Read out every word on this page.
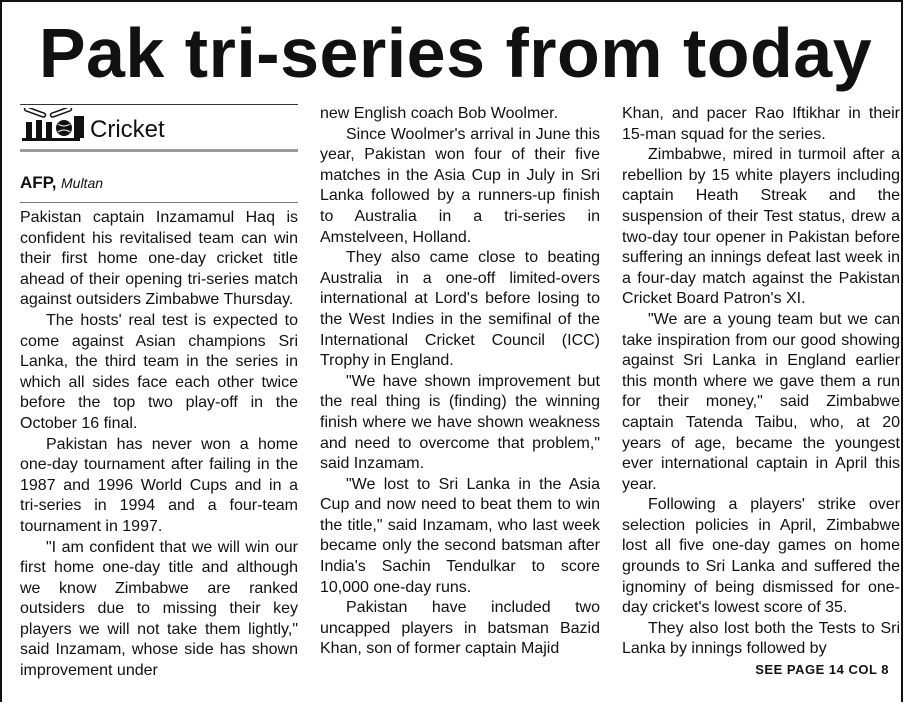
Pak tri-series from today
Cricket
AFP, Multan

Pakistan captain Inzamamul Haq is confident his revitalised team can win their first home one-day cricket title ahead of their opening tri-series match against outsiders Zimbabwe Thursday.

The hosts' real test is expected to come against Asian champions Sri Lanka, the third team in the series in which all sides face each other twice before the top two play-off in the October 16 final.

Pakistan has never won a home one-day tournament after failing in the 1987 and 1996 World Cups and in a tri-series in 1994 and a four-team tournament in 1997.

"I am confident that we will win our first home one-day title and although we know Zimbabwe are ranked outsiders due to missing their key players we will not take them lightly," said Inzamam, whose side has shown improvement under

new English coach Bob Woolmer.

Since Woolmer's arrival in June this year, Pakistan won four of their five matches in the Asia Cup in July in Sri Lanka followed by a runners-up finish to Australia in a tri-series in Amstelveen, Holland.

They also came close to beating Australia in a one-off limited-overs international at Lord's before losing to the West Indies in the semifinal of the International Cricket Council (ICC) Trophy in England.

"We have shown improvement but the real thing is (finding) the winning finish where we have shown weakness and need to overcome that problem," said Inzamam.

"We lost to Sri Lanka in the Asia Cup and now need to beat them to win the title," said Inzamam, who last week became only the second batsman after India's Sachin Tendulkar to score 10,000 one-day runs.

Pakistan have included two uncapped players in batsman Bazid Khan, son of former captain Majid

Khan, and pacer Rao Iftikhar in their 15-man squad for the series.

Zimbabwe, mired in turmoil after a rebellion by 15 white players including captain Heath Streak and the suspension of their Test status, drew a two-day tour opener in Pakistan before suffering an innings defeat last week in a four-day match against the Pakistan Cricket Board Patron's XI.

"We are a young team but we can take inspiration from our good showing against Sri Lanka in England earlier this month where we gave them a run for their money," said Zimbabwe captain Tatenda Taibu, who, at 20 years of age, became the youngest ever international captain in April this year.

Following a players' strike over selection policies in April, Zimbabwe lost all five one-day games on home grounds to Sri Lanka and suffered the ignominy of being dismissed for one-day cricket's lowest score of 35.

They also lost both the Tests to Sri Lanka by innings followed by

SEE PAGE 14 COL 8
